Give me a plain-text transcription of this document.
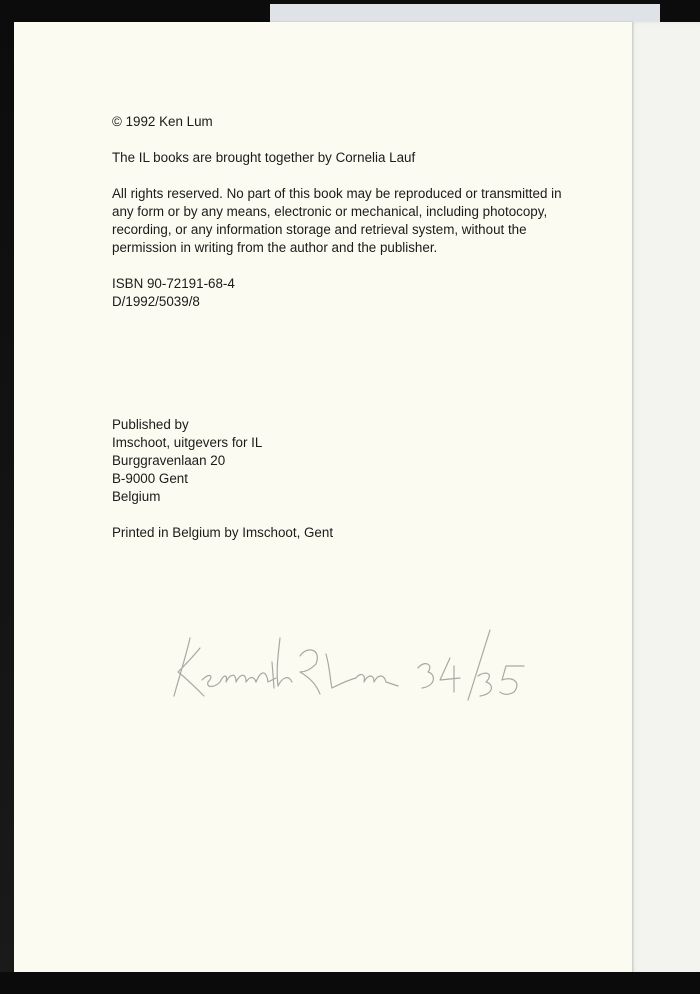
© 1992 Ken Lum

The IL books are brought together by Cornelia Lauf

All rights reserved. No part of this book may be reproduced or transmitted in

any form or by any means, electronic or mechanical, including photocopy,

recording, or any information storage and retrieval system, without the

permission in writing from the author and the publisher.

ISBN 90-72191-68-4

D/1992/5039/8

Published by

Imschoot, uitgevers for IL

Burggravenlaan 20

B-9000 Gent

Belgium

Printed in Belgium by Imschoot, Gent
